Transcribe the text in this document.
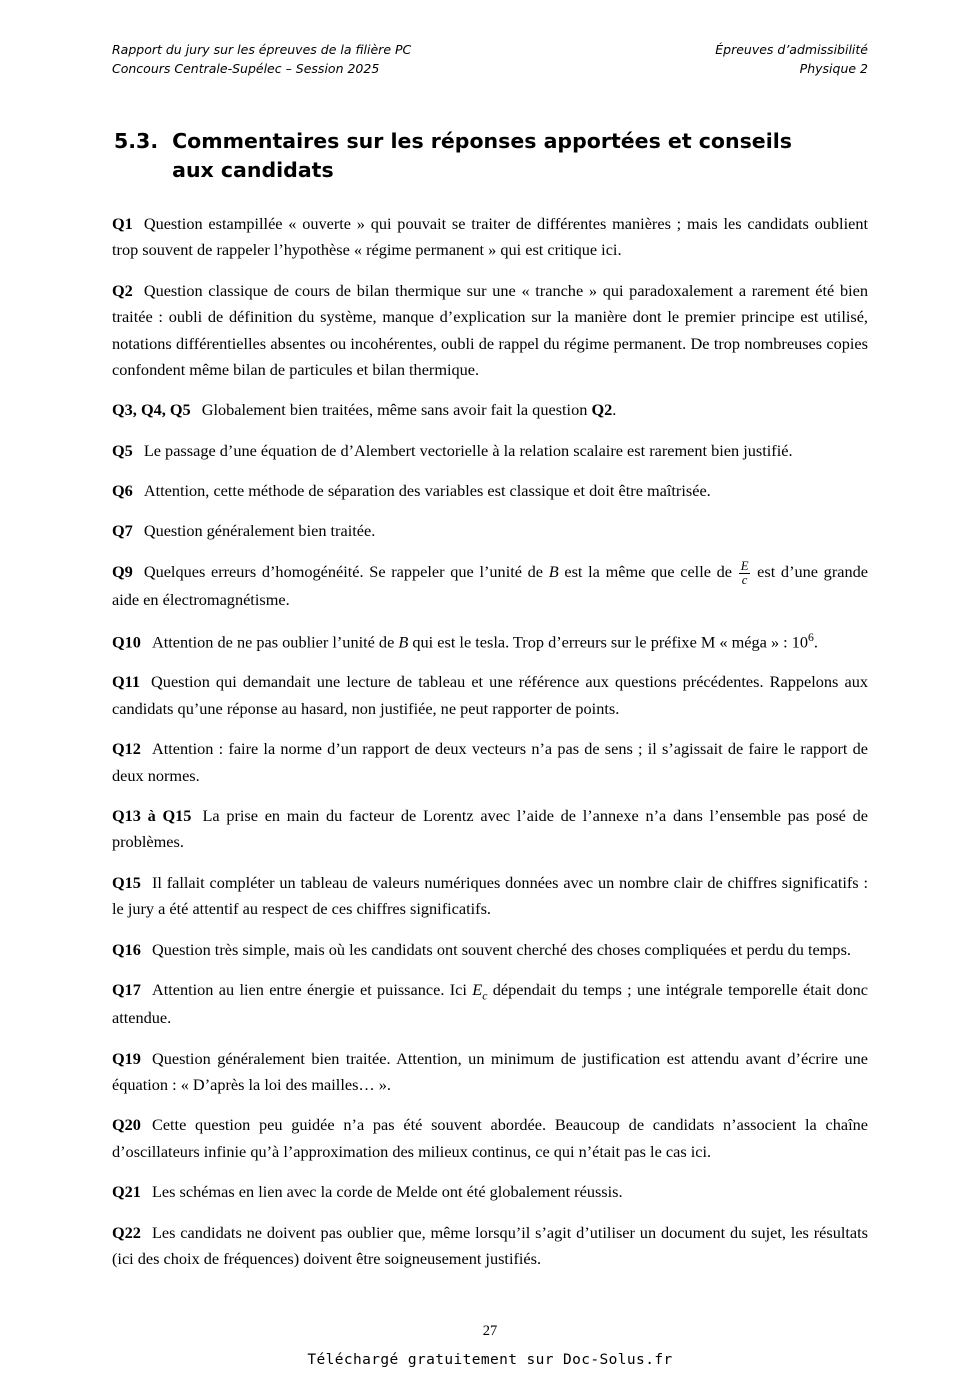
Rapport du jury sur les épreuves de la filière PC
Concours Centrale-Supélec – Session 2025
Épreuves d’admissibilité
Physique 2
5.3. Commentaires sur les réponses apportées et conseils aux candidats

Q1 Question estampillée « ouverte » qui pouvait se traiter de différentes manières ; mais les candidats oublient trop souvent de rappeler l’hypothèse « régime permanent » qui est critique ici.

Q2 Question classique de cours de bilan thermique sur une « tranche » qui paradoxalement a rarement été bien traitée : oubli de définition du système, manque d’explication sur la manière dont le premier principe est utilisé, notations différentielles absentes ou incohérentes, oubli de rappel du régime permanent. De trop nombreuses copies confondent même bilan de particules et bilan thermique.

Q3, Q4, Q5 Globalement bien traitées, même sans avoir fait la question Q2.

Q5 Le passage d’une équation de d’Alembert vectorielle à la relation scalaire est rarement bien justifié.

Q6 Attention, cette méthode de séparation des variables est classique et doit être maîtrisée.

Q7 Question généralement bien traitée.

Q9 Quelques erreurs d’homogénéité. Se rappeler que l’unité de B est la même que celle de $\frac{E}{c}$ est d’une grande aide en électromagnétisme.

Q10 Attention de ne pas oublier l’unité de B qui est le tesla. Trop d’erreurs sur le préfixe M « méga » : $10^6$.

Q11 Question qui demandait une lecture de tableau et une référence aux questions précédentes. Rappelons aux candidats qu’une réponse au hasard, non justifiée, ne peut rapporter de points.

Q12 Attention : faire la norme d’un rapport de deux vecteurs n’a pas de sens ; il s’agissait de faire le rapport de deux normes.

Q13 à Q15 La prise en main du facteur de Lorentz avec l’aide de l’annexe n’a dans l’ensemble pas posé de problèmes.

Q15 Il fallait compléter un tableau de valeurs numériques données avec un nombre clair de chiffres significatifs : le jury a été attentif au respect de ces chiffres significatifs.

Q16 Question très simple, mais où les candidats ont souvent cherché des choses compliquées et perdu du temps.

Q17 Attention au lien entre énergie et puissance. Ici $E_c$ dépendait du temps ; une intégrale temporelle était donc attendue.

Q19 Question généralement bien traitée. Attention, un minimum de justification est attendu avant d’écrire une équation : « D’après la loi des mailles… ».

Q20 Cette question peu guidée n’a pas été souvent abordée. Beaucoup de candidats n’associent la chaîne d’oscillateurs infinie qu’à l’approximation des milieux continus, ce qui n’était pas le cas ici.

Q21 Les schémas en lien avec la corde de Melde ont été globalement réussis.

Q22 Les candidats ne doivent pas oublier que, même lorsqu’il s’agit d’utiliser un document du sujet, les résultats (ici des choix de fréquences) doivent être soigneusement justifiés.

27
Téléchargé gratuitement sur Doc-Solus.fr
